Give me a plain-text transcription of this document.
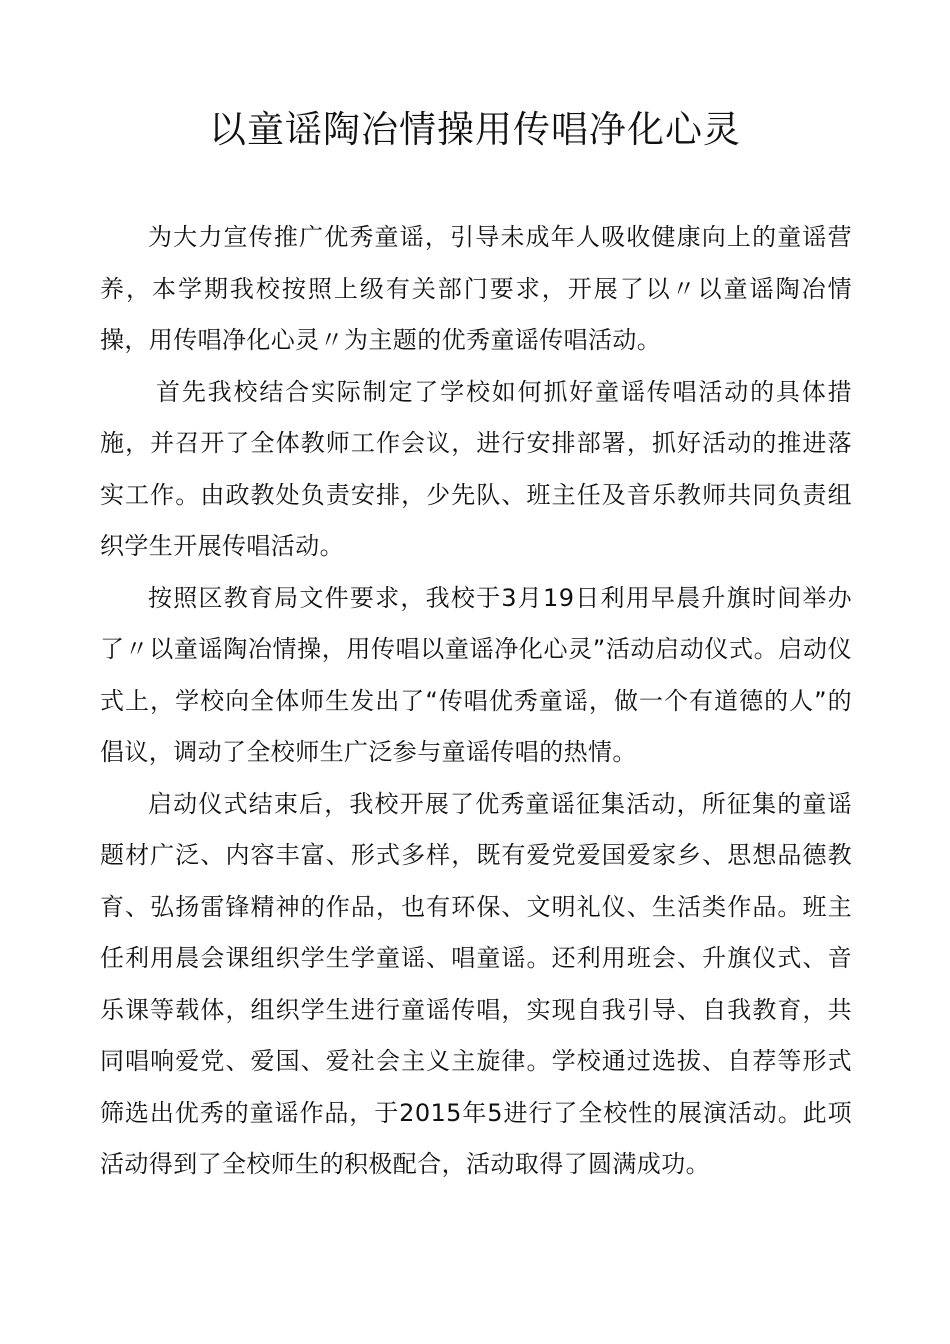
以童谣陶冶情操用传唱净化心灵

为大力宣传推广优秀童谣，引导未成年人吸收健康向上的童谣营养，本学期我校按照上级有关部门要求，开展了以〃以童谣陶冶情操，用传唱净化心灵〃为主题的优秀童谣传唱活动。

首先我校结合实际制定了学校如何抓好童谣传唱活动的具体措施，并召开了全体教师工作会议，进行安排部署，抓好活动的推进落实工作。由政教处负责安排，少先队、班主任及音乐教师共同负责组织学生开展传唱活动。

按照区教育局文件要求，我校于3月19日利用早晨升旗时间举办了〃以童谣陶冶情操，用传唱以童谣净化心灵”活动启动仪式。启动仪式上，学校向全体师生发出了“传唱优秀童谣，做一个有道德的人”的倡议，调动了全校师生广泛参与童谣传唱的热情。

启动仪式结束后，我校开展了优秀童谣征集活动，所征集的童谣题材广泛、内容丰富、形式多样，既有爱党爱国爱家乡、思想品德教育、弘扬雷锋精神的作品，也有环保、文明礼仪、生活类作品。班主任利用晨会课组织学生学童谣、唱童谣。还利用班会、升旗仪式、音乐课等载体，组织学生进行童谣传唱，实现自我引导、自我教育，共同唱响爱党、爱国、爱社会主义主旋律。学校通过选拔、自荐等形式筛选出优秀的童谣作品，于2015年5进行了全校性的展演活动。此项活动得到了全校师生的积极配合，活动取得了圆满成功。
